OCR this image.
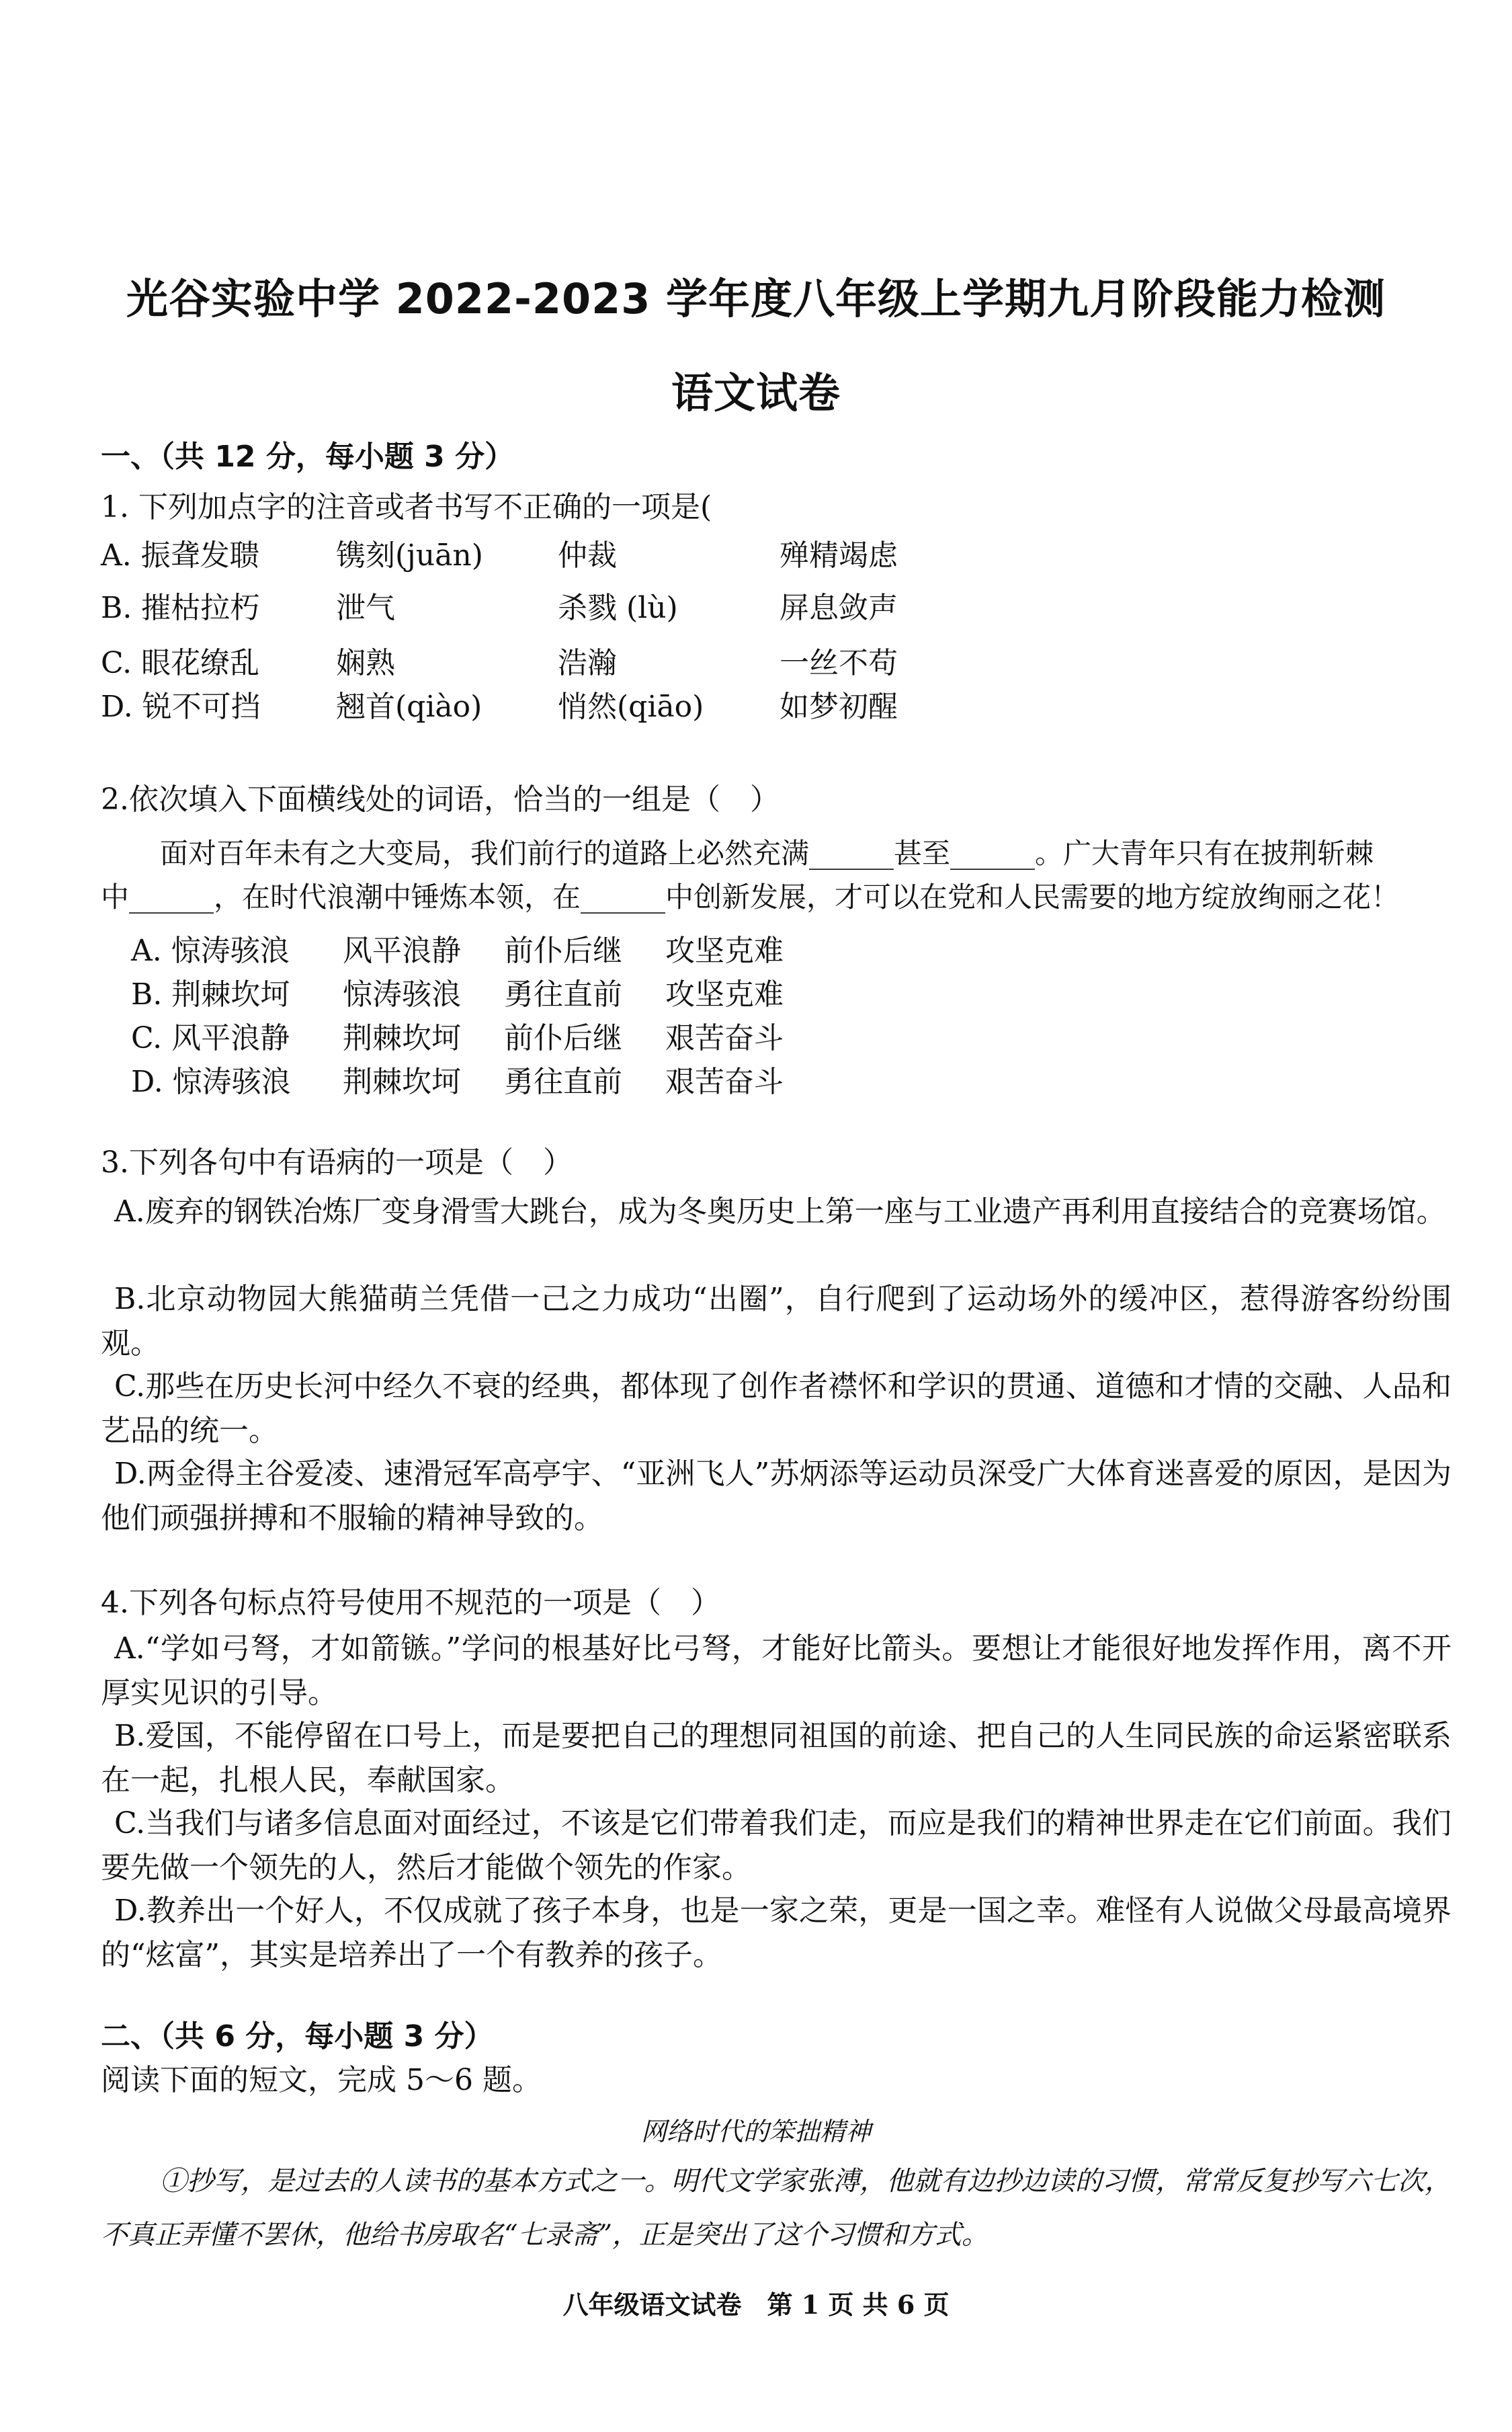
光谷实验中学 2022-2023 学年度八年级上学期九月阶段能力检测
语文试卷
一、（共 12 分，每小题 3 分）
1. 下列加点字的注音或者书写不正确的一项是(
A. 振聋发聩	镌刻(juān)	仲裁	殚精竭虑
B. 摧枯拉朽	泄气	杀戮 (lù)	屏息敛声
C. 眼花缭乱	娴熟	浩瀚	一丝不苟
D. 锐不可挡	翘首(qiào)	悄然(qiāo)	如梦初醒
2.依次填入下面横线处的词语，恰当的一组是（　）
面对百年未有之大变局，我们前行的道路上必然充满______甚至______。广大青年只有在披荆斩棘
中______，在时代浪潮中锤炼本领，在______中创新发展，才可以在党和人民需要的地方绽放绚丽之花！
A. 惊涛骇浪 风平浪静 前仆后继 攻坚克难
B. 荆棘坎坷 惊涛骇浪 勇往直前 攻坚克难
C. 风平浪静 荆棘坎坷 前仆后继 艰苦奋斗
D. 惊涛骇浪 荆棘坎坷 勇往直前 艰苦奋斗
3.下列各句中有语病的一项是（　）
A.废弃的钢铁冶炼厂变身滑雪大跳台，成为冬奥历史上第一座与工业遗产再利用直接结合的竞赛场馆。
B.北京动物园大熊猫萌兰凭借一己之力成功“出圈”，自行爬到了运动场外的缓冲区，惹得游客纷纷围观。
C.那些在历史长河中经久不衰的经典，都体现了创作者襟怀和学识的贯通、道德和才情的交融、人品和艺品的统一。
D.两金得主谷爱凌、速滑冠军高亭宇、“亚洲飞人”苏炳添等运动员深受广大体育迷喜爱的原因，是因为他们顽强拼搏和不服输的精神导致的。
4.下列各句标点符号使用不规范的一项是（　）
A.“学如弓弩，才如箭镞。”学问的根基好比弓弩，才能好比箭头。要想让才能很好地发挥作用，离不开厚实见识的引导。
B.爱国，不能停留在口号上，而是要把自己的理想同祖国的前途、把自己的人生同民族的命运紧密联系在一起，扎根人民，奉献国家。
C.当我们与诸多信息面对面经过，不该是它们带着我们走，而应是我们的精神世界走在它们前面。我们要先做一个领先的人，然后才能做个领先的作家。
D.教养出一个好人，不仅成就了孩子本身，也是一家之荣，更是一国之幸。难怪有人说做父母最高境界的“炫富”，其实是培养出了一个有教养的孩子。
二、（共 6 分，每小题 3 分）
阅读下面的短文，完成 5～6 题。
网络时代的笨拙精神
①抄写，是过去的人读书的基本方式之一。明代文学家张溥，他就有边抄边读的习惯，常常反复抄写六七次，不真正弄懂不罢休，他给书房取名“七录斋”，正是突出了这个习惯和方式。
八年级语文试卷　第 1 页 共 6 页
